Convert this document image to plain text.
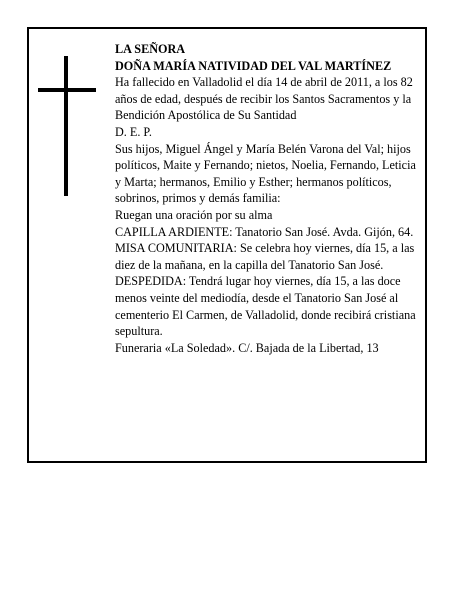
LA SEÑORA

DOÑA MARÍA NATIVIDAD DEL VAL MARTÍNEZ

Ha fallecido en Valladolid el día 14 de abril de 2011, a los 82 años de edad, después de recibir los Santos Sacramentos y la Bendición Apostólica de Su Santidad

D. E. P.

Sus hijos, Miguel Ángel y María Belén Varona del Val; hijos políticos, Maite y Fernando; nietos, Noelia, Fernando, Leticia y Marta; hermanos, Emilio y Esther; hermanos políticos, sobrinos, primos y demás familia:

Ruegan una oración por su alma

CAPILLA ARDIENTE: Tanatorio San José. Avda. Gijón, 64.

MISA COMUNITARIA: Se celebra hoy viernes, día 15, a las diez de la mañana, en la capilla del Tanatorio San José.

DESPEDIDA: Tendrá lugar hoy viernes, día 15, a las doce menos veinte del mediodía, desde el Tanatorio San José al cementerio El Carmen, de Valladolid, donde recibirá cristiana sepultura.

Funeraria «La Soledad». C/. Bajada de la Libertad, 13
